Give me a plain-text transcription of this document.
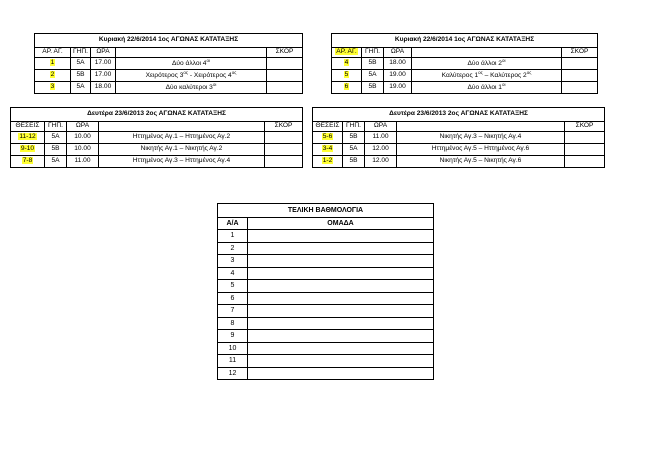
Κυριακή 22/6/2014 1ος ΑΓΩΝΑΣ ΚΑΤΑΤΑΞΗΣ				
ΑΡ. ΑΓ.	ΓΗΠ.	ΩΡΑ		ΣΚΟΡ
1	5Α	17.00	Δύο άλλοι $4^{o\iota}$	
2	5Β	17.00	Χειρότερος $3^{o\varsigma}$ - Χειρότερος $4^{o\varsigma}$	
3	5Α	18.00	Δύο καλύτεροι $3^{o\iota}$	
Κυριακή 22/6/2014 1ος ΑΓΩΝΑΣ ΚΑΤΑΤΑΞΗΣ				
ΑΡ. ΑΓ.	ΓΗΠ.	ΩΡΑ		ΣΚΟΡ
4	5Β	18.00	Δύο άλλοι $2^{o\iota}$	
5	5Α	19.00	Καλύτερος $1^{o\varsigma}$ – Καλύτερος $2^{o\varsigma}$	
6	5Β	19.00	Δύο άλλοι $1^{o\iota}$	
Δευτέρα 23/6/2013 2ος ΑΓΩΝΑΣ ΚΑΤΑΤΑΞΗΣ				
ΘΕΣΕΙΣ	ΓΗΠ.	ΩΡΑ		ΣΚΟΡ
11-12	5Α	10.00	Ηττημένος Αγ.1 – Ηττημένος Αγ.2	
9-10	5Β	10.00	Νικητής Αγ.1 – Νικητής Αγ.2	
7-8	5Α	11.00	Ηττημένος Αγ.3 – Ηττημένος Αγ.4	
Δευτέρα 23/6/2013 2ος ΑΓΩΝΑΣ ΚΑΤΑΤΑΞΗΣ				
ΘΕΣΕΙΣ	ΓΗΠ.	ΩΡΑ		ΣΚΟΡ
5-6	5Β	11.00	Νικητής Αγ.3 – Νικητής Αγ.4	
3-4	5Α	12.00	Ηττημένος Αγ.5 – Ηττημένος Αγ.6	
1-2	5Β	12.00	Νικητής Αγ.5 – Νικητής Αγ.6	
ΤΕΛΙΚΗ ΒΑΘΜΟΛΟΓΙΑ	
Α/Α	ΟΜΑΔΑ
1	
2	
3	
4	
5	
6	
7	
8	
9	
10	
11	
12	
